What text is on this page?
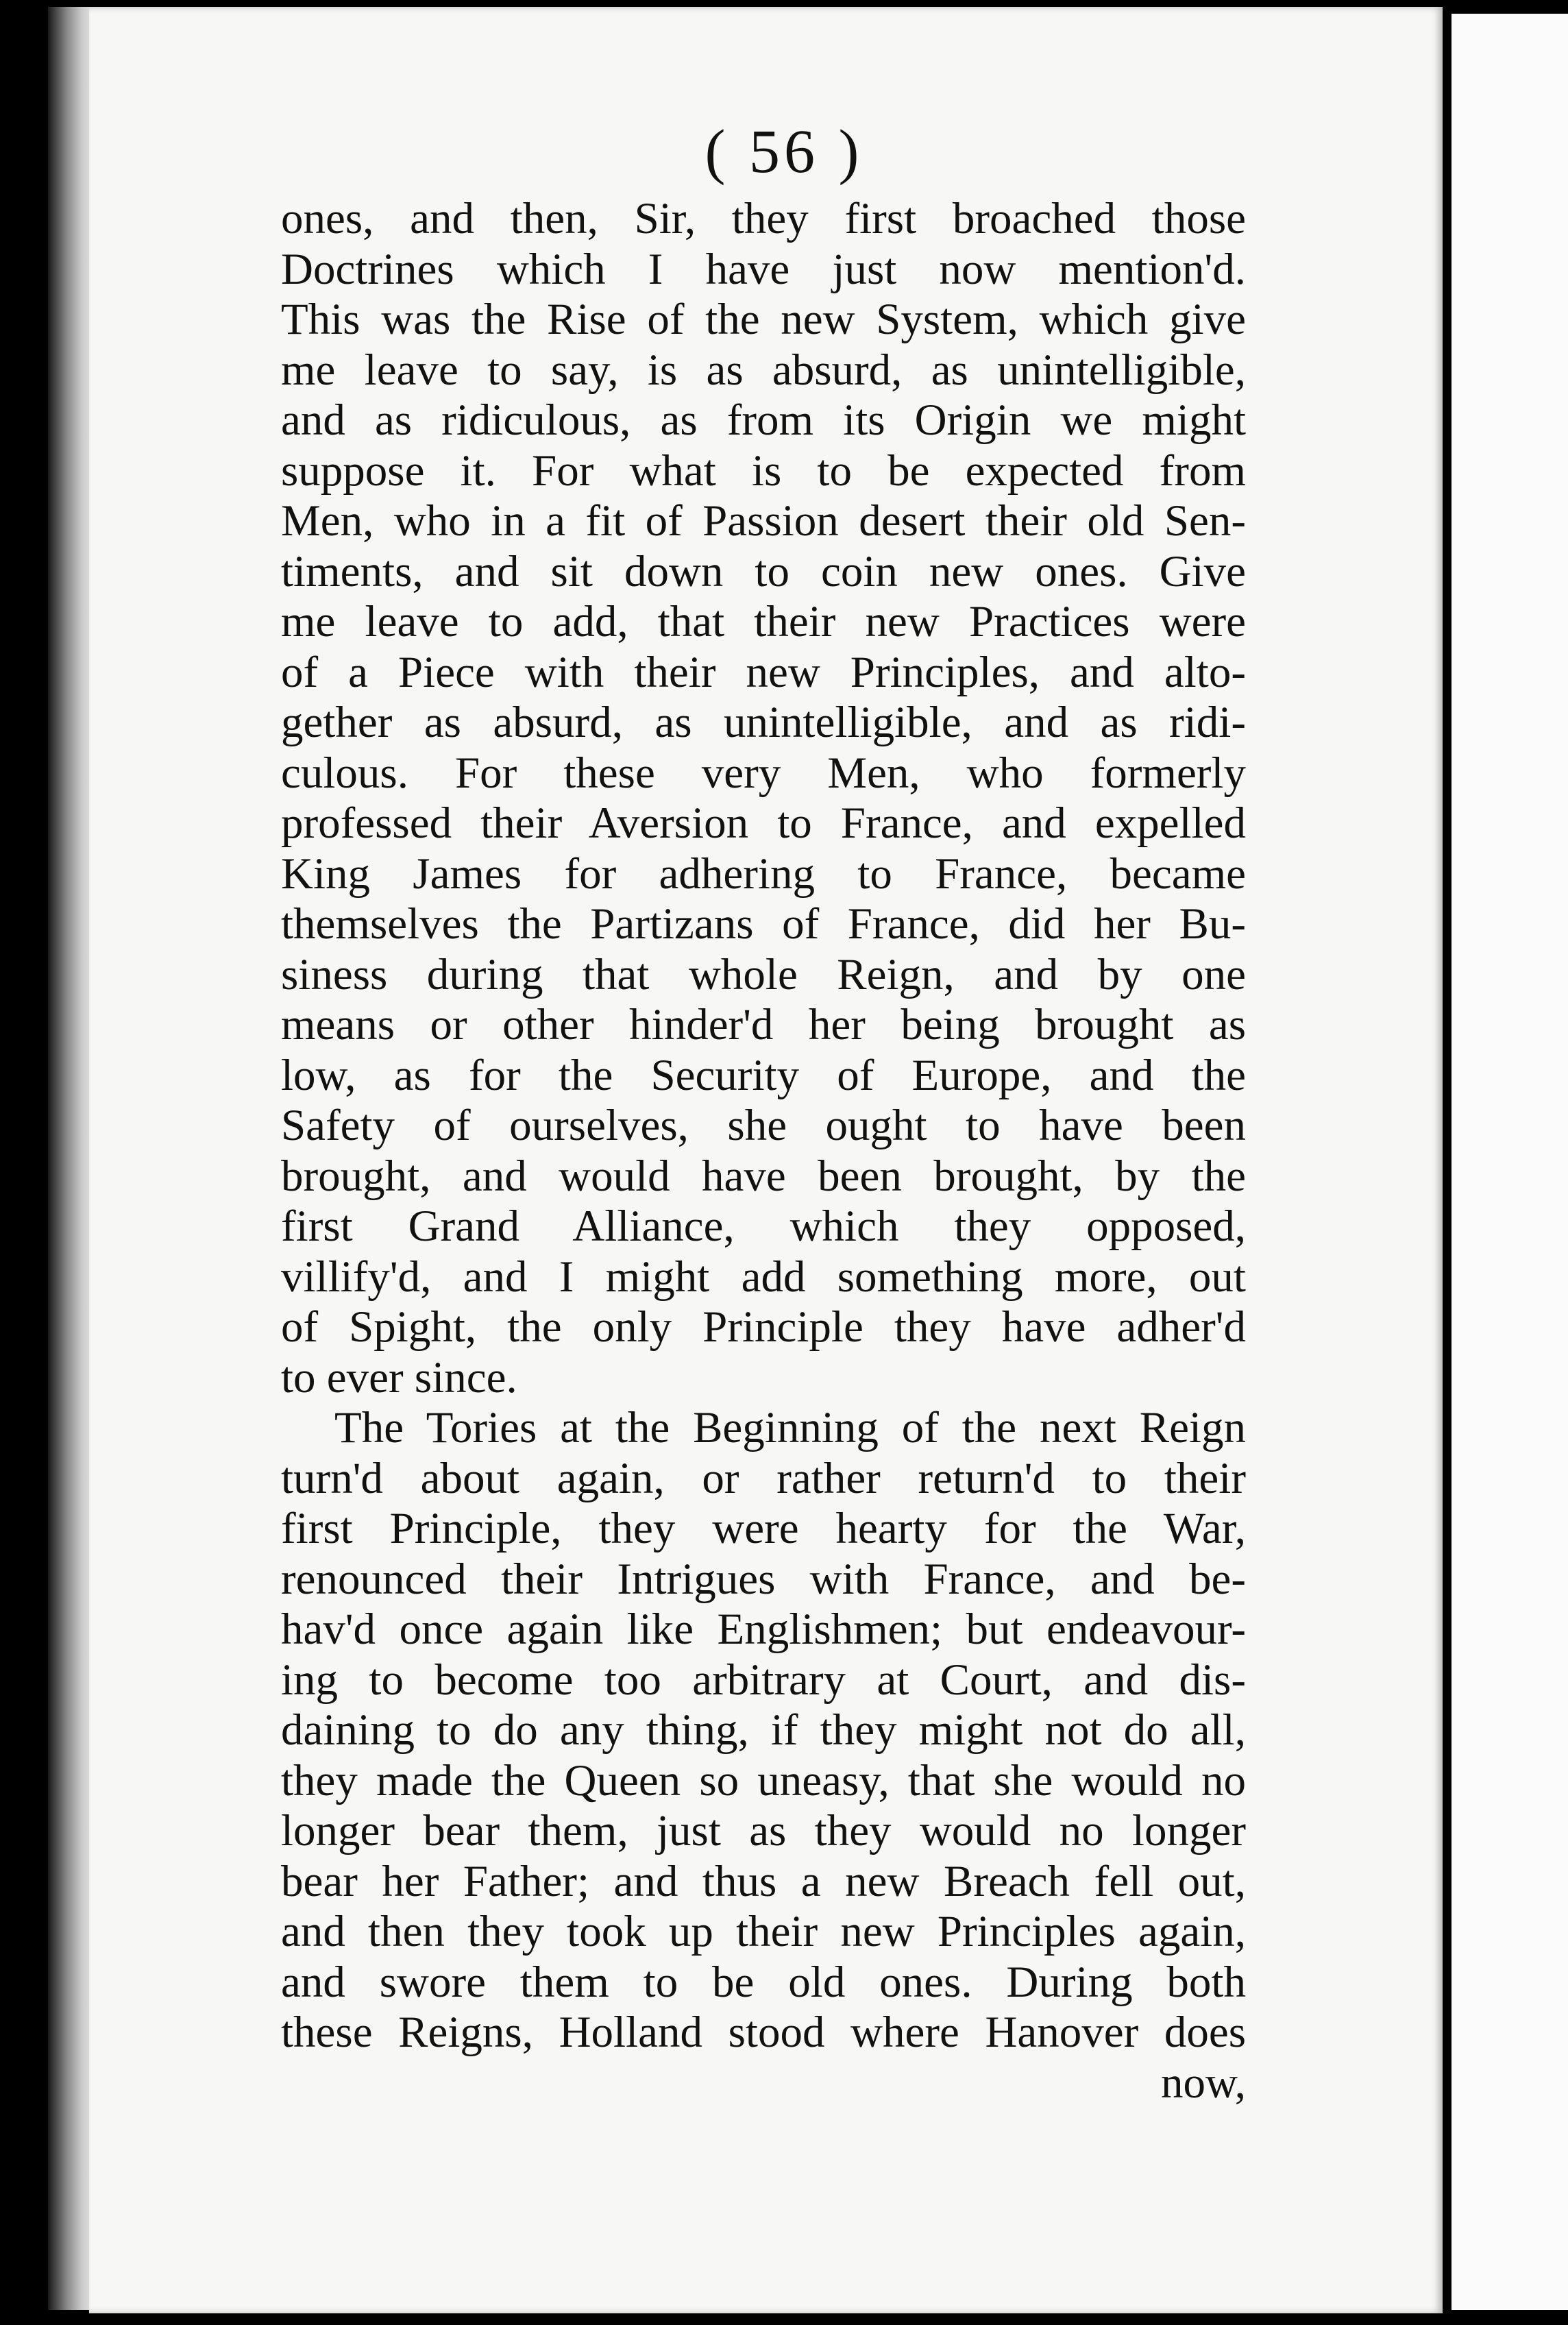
( 56 )
ones, and then, Sir, they first broached those
Doctrines which I have just now mention'd.
This was the Rise of the new System, which give
me leave to say, is as absurd, as unintelligible,
and as ridiculous, as from its Origin we might
suppose it. For what is to be expected from
Men, who in a fit of Passion desert their old Sen-
timents, and sit down to coin new ones. Give
me leave to add, that their new Practices were
of a Piece with their new Principles, and alto-
gether as absurd, as unintelligible, and as ridi-
culous. For these very Men, who formerly
professed their Aversion to France, and expelled
King James for adhering to France, became
themselves the Partizans of France, did her Bu-
siness during that whole Reign, and by one
means or other hinder'd her being brought as
low, as for the Security of Europe, and the
Safety of ourselves, she ought to have been
brought, and would have been brought, by the
first Grand Alliance, which they opposed,
villify'd, and I might add something more, out
of Spight, the only Principle they have adher'd
to ever since.
The Tories at the Beginning of the next Reign
turn'd about again, or rather return'd to their
first Principle, they were hearty for the War,
renounced their Intrigues with France, and be-
hav'd once again like Englishmen; but endeavour-
ing to become too arbitrary at Court, and dis-
daining to do any thing, if they might not do all,
they made the Queen so uneasy, that she would no
longer bear them, just as they would no longer
bear her Father; and thus a new Breach fell out,
and then they took up their new Principles again,
and swore them to be old ones. During both
these Reigns, Holland stood where Hanover does
now,
